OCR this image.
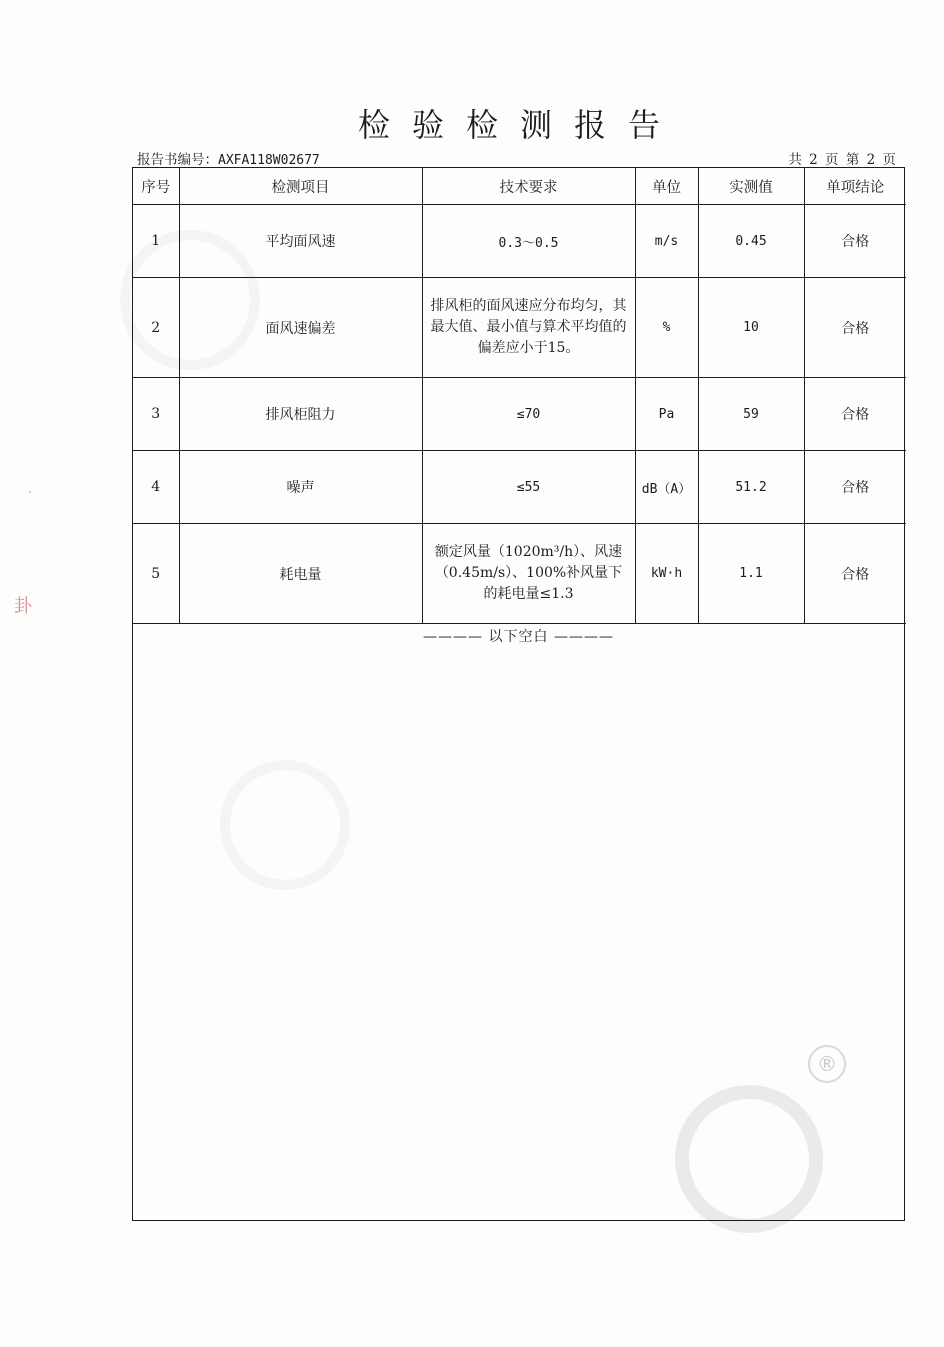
检验检测报告
报告书编号：AXFA118W02677	共 2 页 第 2 页
®
卦
·
序号	检测项目	技术要求	单位	实测值	单项结论
1	平均面风速	0.3～0.5	m/s	0.45	合格
2	面风速偏差	排风柜的面风速应分布均匀，其最大值、最小值与算术平均值的偏差应小于15。	%	10	合格
3	排风柜阻力	≤70	Pa	59	合格
4	噪声	≤55	dB（A）	51.2	合格
5	耗电量	额定风量（1020m³/h）、风速（0.45m/s）、100%补风量下的耗电量≤1.3	kW·h	1.1	合格
———— 以下空白 ————
